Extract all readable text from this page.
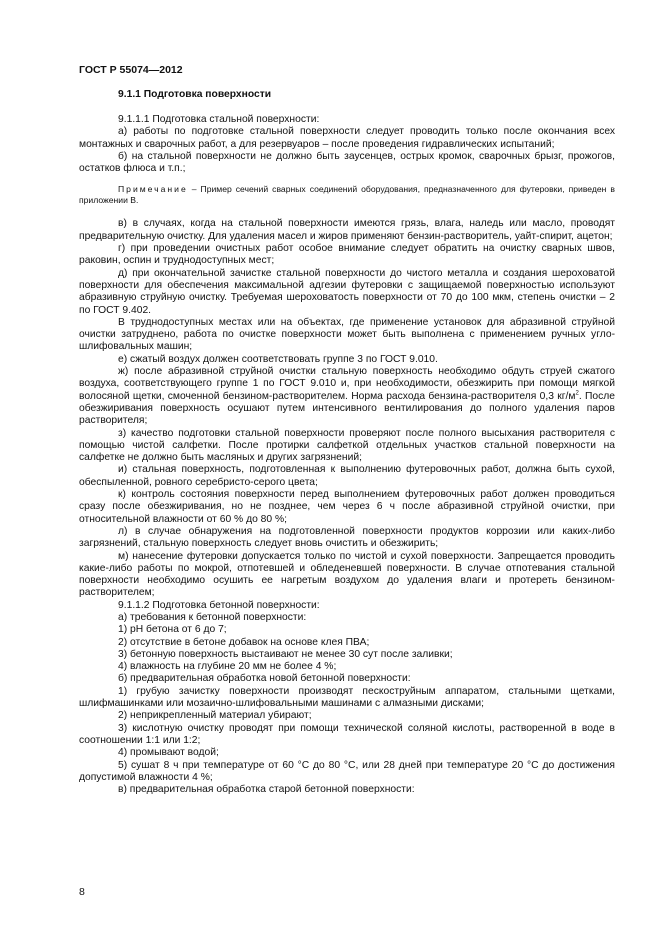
ГОСТ Р 55074—2012
9.1.1 Подготовка поверхности

9.1.1.1 Подготовка стальной поверхности:

а) работы по подготовке стальной поверхности следует проводить только после окончания всех монтажных и сварочных работ, а для резервуаров – после проведения гидравлических испытаний;

б) на стальной поверхности не должно быть заусенцев, острых кромок, сварочных брызг, прожогов, остатков флюса и т.п.;

Примечание – Пример сечений сварных соединений оборудования, предназначенного для футеровки, приведен в приложении В.

в) в случаях, когда на стальной поверхности имеются грязь, влага, наледь или масло, проводят предварительную очистку. Для удаления масел и жиров применяют бензин-растворитель, уайт-спирит, ацетон;

г) при проведении очистных работ особое внимание следует обратить на очистку сварных швов, раковин, оспин и труднодоступных мест;

д) при окончательной зачистке стальной поверхности до чистого металла и создания шероховатой поверхности для обеспечения максимальной адгезии футеровки с защищаемой поверхностью используют абразивную струйную очистку. Требуемая шероховатость поверхности от 70 до 100 мкм, степень очистки – 2 по ГОСТ 9.402.

В труднодоступных местах или на объектах, где применение установок для абразивной струйной очистки затруднено, работа по очистке поверхности может быть выполнена с применением ручных угло-шлифовальных машин;

е) сжатый воздух должен соответствовать группе 3 по ГОСТ 9.010.

ж) после абразивной струйной очистки стальную поверхность необходимо обдуть струей сжатого воздуха, соответствующего группе 1 по ГОСТ 9.010 и, при необходимости, обезжирить при помощи мягкой волосяной щетки, смоченной бензином-растворителем. Норма расхода бензина-растворителя 0,3 $кг/м^2$. После обезжиривания поверхность осушают путем интенсивного вентилирования до полного удаления паров растворителя;

з) качество подготовки стальной поверхности проверяют после полного высыхания растворителя с помощью чистой салфетки. После протирки салфеткой отдельных участков стальной поверхности на салфетке не должно быть масляных и других загрязнений;

и) стальная поверхность, подготовленная к выполнению футеровочных работ, должна быть сухой, обеспыленной, ровного серебристо-серого цвета;

к) контроль состояния поверхности перед выполнением футеровочных работ должен проводиться сразу после обезжиривания, но не позднее, чем через 6 ч после абразивной струйной очистки, при относительной влажности от 60 % до 80 %;

л) в случае обнаружения на подготовленной поверхности продуктов коррозии или каких-либо загрязнений, стальную поверхность следует вновь очистить и обезжирить;

м) нанесение футеровки допускается только по чистой и сухой поверхности. Запрещается проводить какие-либо работы по мокрой, отпотевшей и обледеневшей поверхности. В случае отпотевания стальной поверхности необходимо осушить ее нагретым воздухом до удаления влаги и протереть бензином-растворителем;

9.1.1.2 Подготовка бетонной поверхности:

а) требования к бетонной поверхности:

1) pH бетона от 6 до 7;

2) отсутствие в бетоне добавок на основе клея ПВА;

3) бетонную поверхность выстаивают не менее 30 сут после заливки;

4) влажность на глубине 20 мм не более 4 %;

б) предварительная обработка новой бетонной поверхности:

1) грубую зачистку поверхности производят пескоструйным аппаратом, стальными щетками, шлифмашинками или мозаично-шлифовальными машинами с алмазными дисками;

2) неприкрепленный материал убирают;

3) кислотную очистку проводят при помощи технической соляной кислоты, растворенной в воде в соотношении 1:1 или 1:2;

4) промывают водой;

5) сушат 8 ч при температуре от 60 °С до 80 °С, или 28 дней при температуре 20 °С до достижения допустимой влажности 4 %;

в) предварительная обработка старой бетонной поверхности:

8
